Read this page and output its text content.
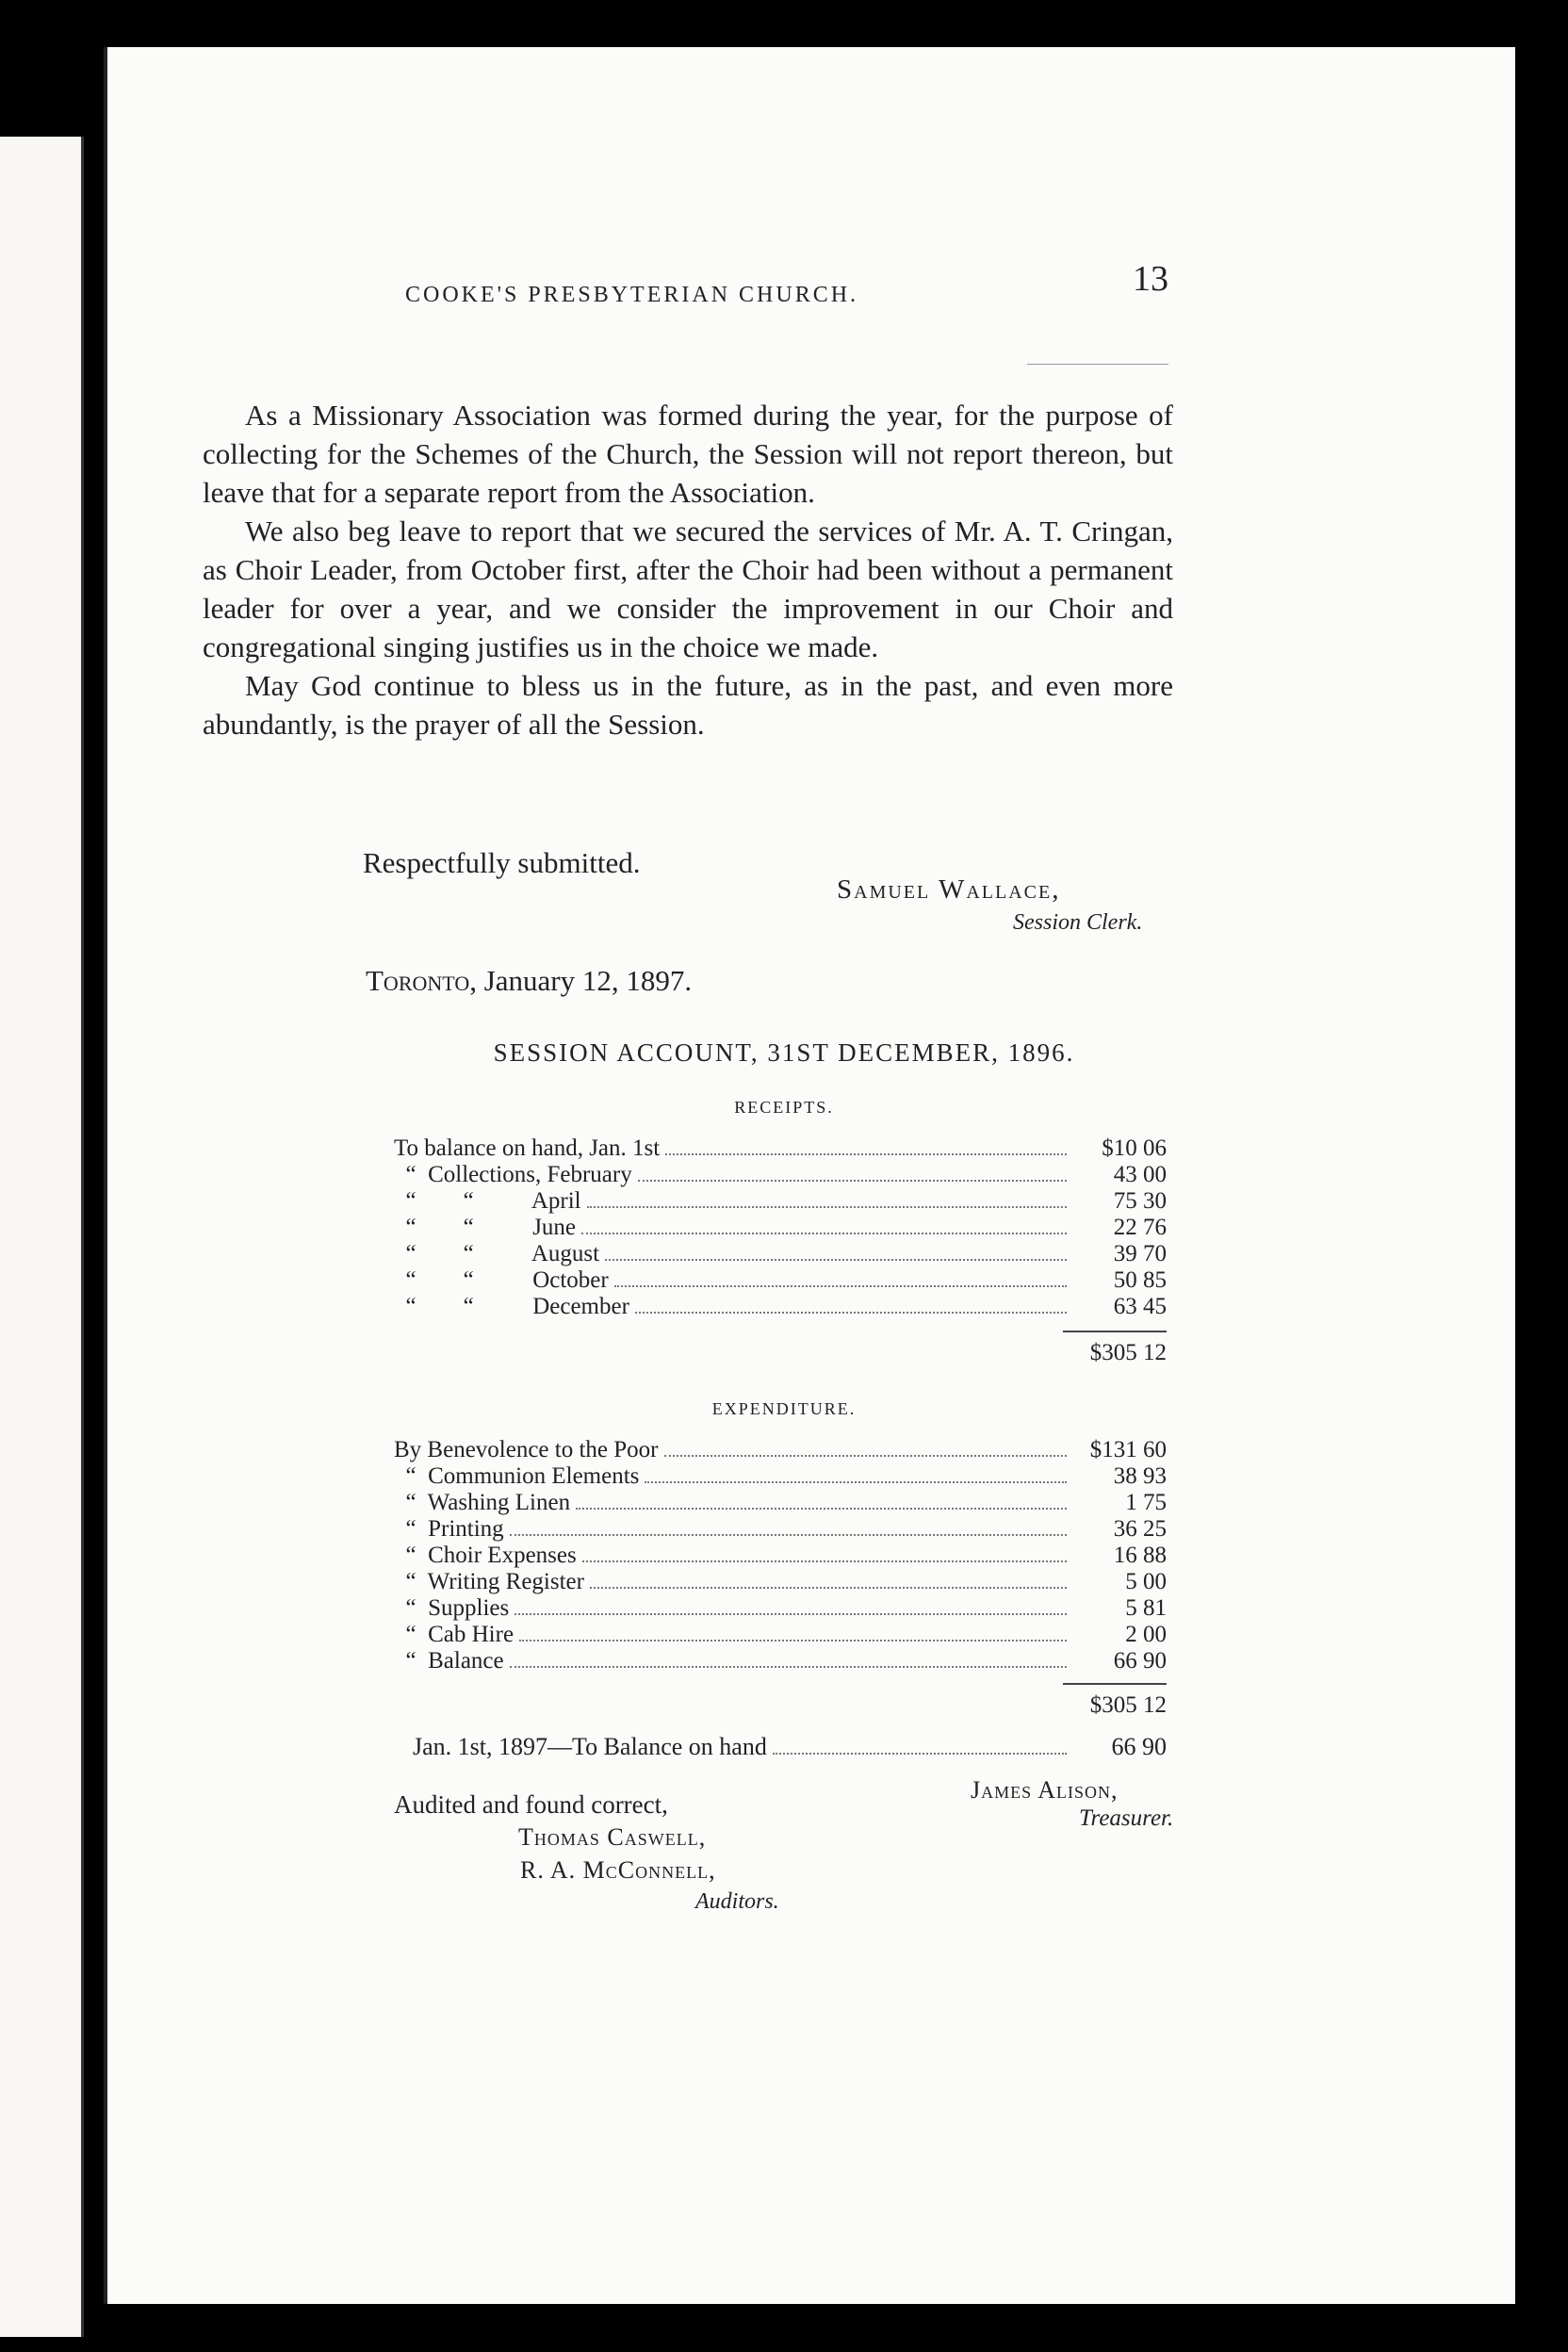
COOKE'S PRESBYTERIAN CHURCH.	13

As a Missionary Association was formed during the year, for the purpose of collecting for the Schemes of the Church, the Session will not report thereon, but leave that for a separate report from the Association.

We also beg leave to report that we secured the services of Mr. A. T. Cringan, as Choir Leader, from October first, after the Choir had been without a permanent leader for over a year, and we consider the improvement in our Choir and congregational singing justifies us in the choice we made.

May God continue to bless us in the future, as in the past, and even more abundantly, is the prayer of all the Session.

Respectfully submitted.
Samuel Wallace,
Session Clerk.
Toronto, January 12, 1897.
SESSION ACCOUNT, 31ST DECEMBER, 1896.
RECEIPTS.
To balance on hand, Jan. 1st	$10 06
“  Collections, February	43 00
“        “          April	75 30
“        “          June	22 76
“        “          August	39 70
“        “          October	50 85
“        “          December	63 45
$305 12
EXPENDITURE.
By Benevolence to the Poor	$131 60
“  Communion Elements	38 93
“  Washing Linen	1 75
“  Printing	36 25
“  Choir Expenses	16 88
“  Writing Register	5 00
“  Supplies	5 81
“  Cab Hire	2 00
“  Balance	66 90
$305 12
Jan. 1st, 1897—To Balance on hand	66 90
Audited and found correct,
Thomas Caswell,
R. A. McConnell,
Auditors.
James Alison,
Treasurer.
